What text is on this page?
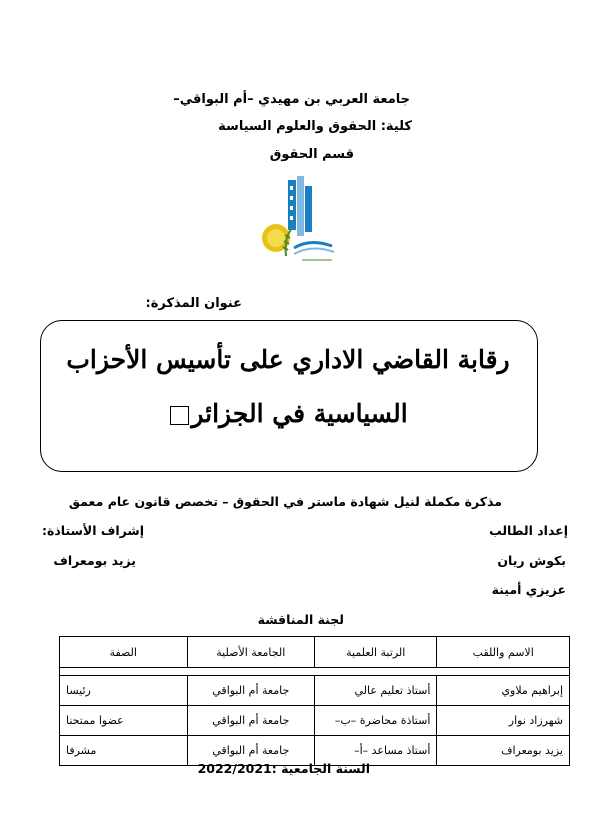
جامعة العربي بن مهيدي –أم البواقي–
كلية: الحقوق والعلوم السياسة
قسم الحقوق
عنوان المذكرة:
رقابة القاضي الاداري على تأسيس الأحزاب
السياسية في الجزائر
مذكرة مكملة لنيل شهادة ماستر في الحقوق – تخصص قانون عام معمق
إعداد الطالب
إشراف الأستاذة:
بكوش ريان
يزيد بومعراف
عزيزي أمينة
لجنة المناقشة
الاسم واللقب	الرتبة العلمية	الجامعة الأصلية	الصفة

إبراهيم ملاوي	أستاذ تعليم عالي	جامعة أم البواقي	رئيسا
شهرزاد نوار	أستاذة محاضرة –ب–	جامعة أم البواقي	عضوا ممتحنا
يزيد بومعراف	أستاذ مساعد –أ–	جامعة أم البواقي	مشرفا
السنة الجامعية :2022/2021
